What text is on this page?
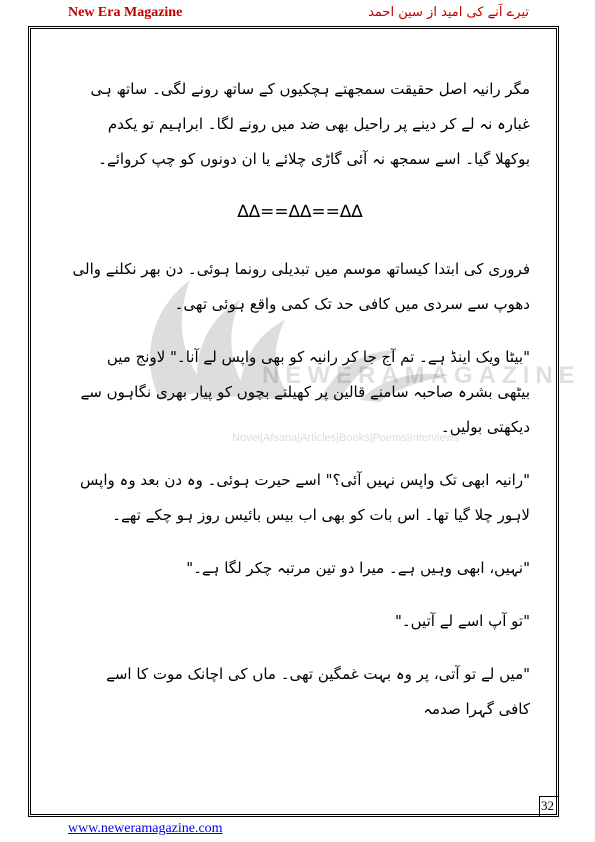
New Era Magazine	تیرے آنے کی امید از سین احمد
NEWERAMAGAZINE
Novel|Afsana|Articles|Books|Poems|Interviews

مگر رانیہ اصل حقیقت سمجھتے ہچکیوں کے ساتھ رونے لگی۔ ساتھ ہی غبارہ نہ لے کر دینے پر راحیل بھی ضد میں رونے لگا۔ ابراہیم تو یکدم بوکھلا گیا۔ اسے سمجھ نہ آئی گاڑی چلائے یا ان دونوں کو چپ کروائے۔

∆∆==∆∆==∆∆

فروری کی ابتدا کیساتھ موسم میں تبدیلی رونما ہوئی۔ دن بھر نکلنے والی دھوپ سے سردی میں کافی حد تک کمی واقع ہوئی تھی۔

"بیٹا ویک اینڈ ہے۔ تم آج جا کر رانیہ کو بھی واپس لے آنا۔" لاونج میں بیٹھی بشرہ صاحبہ سامنے قالین پر کھیلتے بچوں کو پیار بھری نگاہوں سے دیکھتی بولیں۔

"رانیہ ابھی تک واپس نہیں آئی؟" اسے حیرت ہوئی۔ وہ دن بعد وہ واپس لاہور چلا گیا تھا۔ اس بات کو بھی اب بیس بائیس روز ہو چکے تھے۔

"نہیں، ابھی وہیں ہے۔ میرا دو تین مرتبہ چکر لگا ہے۔"

"تو آپ اسے لے آتیں۔"

"میں لے تو آتی، پر وہ بہت غمگین تھی۔ ماں کی اچانک موت کا اسے کافی گہرا صدمہ

32
www.neweramagazine.com
